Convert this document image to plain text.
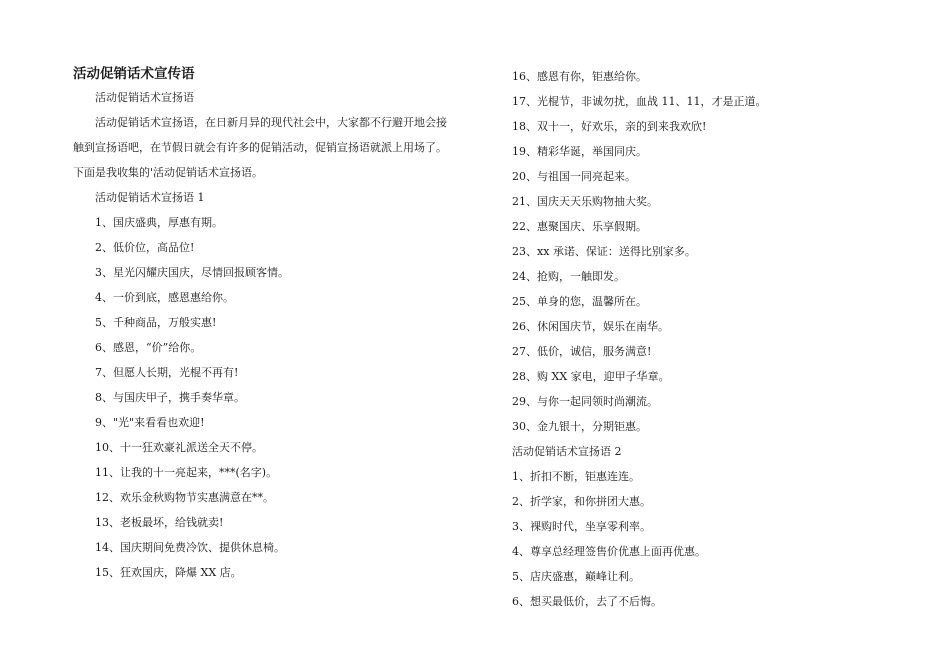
活动促销话术宣传语
活动促销话术宣扬语
活动促销话术宣扬语，在日新月异的现代社会中，大家都不行避开地会接
触到宣扬语吧，在节假日就会有许多的促销活动，促销宣扬语就派上用场了。
下面是我收集的'活动促销话术宣扬语。
活动促销话术宣扬语 1
1、国庆盛典，厚惠有期。
2、低价位，高品位!
3、星光闪耀庆国庆，尽情回报顾客情。
4、一价到底，感恩惠给你。
5、千种商品，万般实惠!
6、感恩，“价”给你。
7、但愿人长期，光棍不再有!
8、与国庆甲子，携手奏华章。
9、"光"来看看也欢迎!
10、十一狂欢豪礼派送全天不停。
11、让我的十一亮起来，***(名字)。
12、欢乐金秋购物节实惠满意在**。
13、老板最坏，给钱就卖!
14、国庆期间免费冷饮、提供休息椅。
15、狂欢国庆，降爆 XX 店。
16、感恩有你，钜惠给你。
17、光棍节，非诚勿扰，血战 11、11，才是正道。
18、双十一，好欢乐，亲的到来我欢欣!
19、精彩华诞，举国同庆。
20、与祖国一同亮起来。
21、国庆天天乐购物抽大奖。
22、惠聚国庆、乐享假期。
23、xx 承诺、保证：送得比别家多。
24、抢购，一触即发。
25、单身的您，温馨所在。
26、休闲国庆节，娱乐在南华。
27、低价，诚信，服务满意!
28、购 XX 家电，迎甲子华章。
29、与你一起同领时尚潮流。
30、金九银十，分期钜惠。
活动促销话术宣扬语 2
1、折扣不断，钜惠连连。
2、折学家，和你拼团大惠。
3、裸购时代，坐享零利率。
4、尊享总经理签售价优惠上面再优惠。
5、店庆盛惠，巅峰让利。
6、想买最低价，去了不后悔。
